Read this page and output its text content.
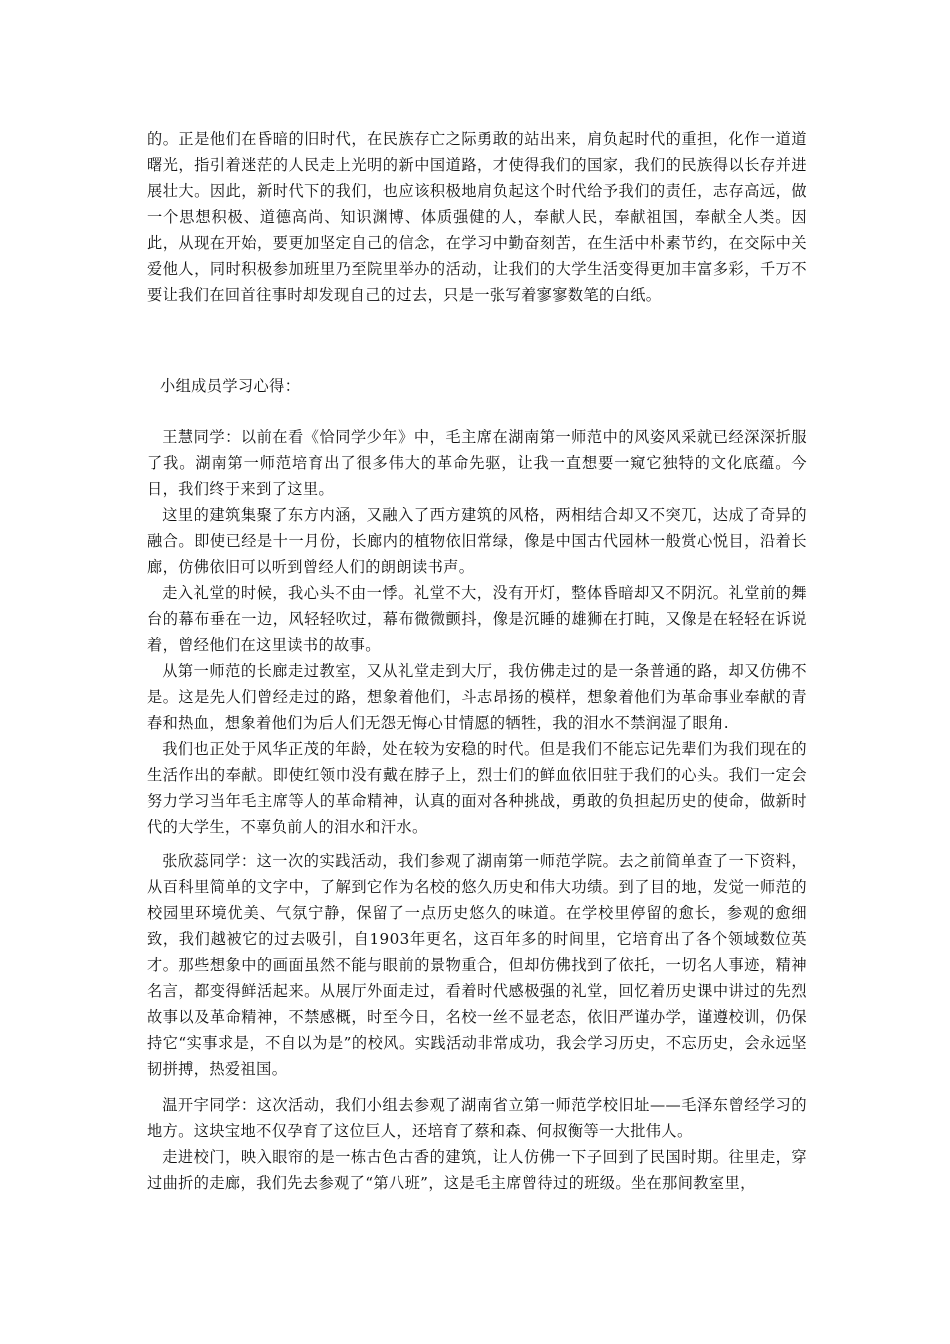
的。正是他们在昏暗的旧时代，在民族存亡之际勇敢的站出来，肩负起时代的重担，化作一道道曙光，指引着迷茫的人民走上光明的新中国道路，才使得我们的国家，我们的民族得以长存并进展壮大。因此，新时代下的我们，也应该积极地肩负起这个时代给予我们的责任，志存高远，做一个思想积极、道德高尚、知识渊博、体质强健的人，奉献人民，奉献祖国，奉献全人类。因此，从现在开始，要更加坚定自己的信念，在学习中勤奋刻苦，在生活中朴素节约，在交际中关爱他人，同时积极参加班里乃至院里举办的活动，让我们的大学生活变得更加丰富多彩，千万不要让我们在回首往事时却发现自己的过去，只是一张写着寥寥数笔的白纸。

小组成员学习心得：

王慧同学：以前在看《恰同学少年》中，毛主席在湖南第一师范中的风姿风采就已经深深折服了我。湖南第一师范培育出了很多伟大的革命先驱，让我一直想要一窥它独特的文化底蕴。今日，我们终于来到了这里。

这里的建筑集聚了东方内涵，又融入了西方建筑的风格，两相结合却又不突兀，达成了奇异的融合。即使已经是十一月份，长廊内的植物依旧常绿，像是中国古代园林一般赏心悦目，沿着长廊，仿佛依旧可以听到曾经人们的朗朗读书声。

走入礼堂的时候，我心头不由一悸。礼堂不大，没有开灯，整体昏暗却又不阴沉。礼堂前的舞台的幕布垂在一边，风轻轻吹过，幕布微微颤抖，像是沉睡的雄狮在打盹，又像是在轻轻在诉说着，曾经他们在这里读书的故事。

从第一师范的长廊走过教室，又从礼堂走到大厅，我仿佛走过的是一条普通的路，却又仿佛不是。这是先人们曾经走过的路，想象着他们，斗志昂扬的模样，想象着他们为革命事业奉献的青春和热血，想象着他们为后人们无怨无悔心甘情愿的牺牲，我的泪水不禁润湿了眼角.

我们也正处于风华正茂的年龄，处在较为安稳的时代。但是我们不能忘记先辈们为我们现在的生活作出的奉献。即使红领巾没有戴在脖子上，烈士们的鲜血依旧驻于我们的心头。我们一定会努力学习当年毛主席等人的革命精神，认真的面对各种挑战，勇敢的负担起历史的使命，做新时代的大学生，不辜负前人的泪水和汗水。

张欣蕊同学：这一次的实践活动，我们参观了湖南第一师范学院。去之前简单查了一下资料，从百科里简单的文字中，了解到它作为名校的悠久历史和伟大功绩。到了目的地，发觉一师范的校园里环境优美、气氛宁静，保留了一点历史悠久的味道。在学校里停留的愈长，参观的愈细致，我们越被它的过去吸引，自1903年更名，这百年多的时间里，它培育出了各个领域数位英才。那些想象中的画面虽然不能与眼前的景物重合，但却仿佛找到了依托，一切名人事迹，精神名言，都变得鲜活起来。从展厅外面走过，看着时代感极强的礼堂，回忆着历史课中讲过的先烈故事以及革命精神，不禁感概，时至今日，名校一丝不显老态，依旧严谨办学，谨遵校训，仍保持它“实事求是，不自以为是”的校风。实践活动非常成功，我会学习历史，不忘历史，会永远坚韧拼搏，热爱祖国。

温开宇同学：这次活动，我们小组去参观了湖南省立第一师范学校旧址——毛泽东曾经学习的地方。这块宝地不仅孕育了这位巨人，还培育了蔡和森、何叔衡等一大批伟人。

走进校门，映入眼帘的是一栋古色古香的建筑，让人仿佛一下子回到了民国时期。往里走，穿过曲折的走廊，我们先去参观了“第八班”，这是毛主席曾待过的班级。坐在那间教室里，
